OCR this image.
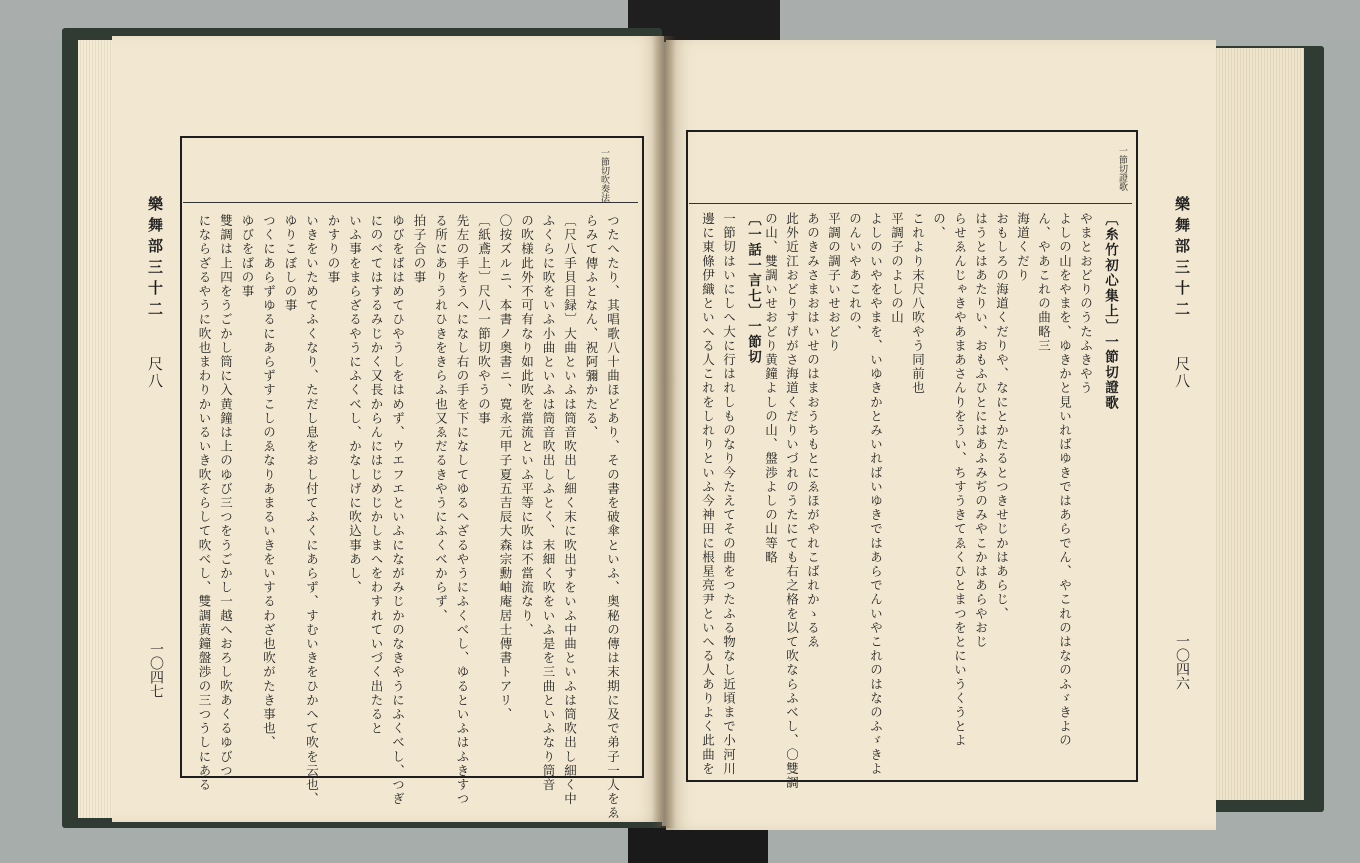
樂舞部三十二
尺八
一〇四七
一節切吹奏法
つたへたり、其唱歌八十曲ほどあり、その書を破傘といふ、奥秘の傳は末期に及で弟子一人をゑ
らみて傳ふとなん、祝阿彌かたる、
〔尺八手貝目録〕大曲といふは筒音吹出し細く末に吹出すをいふ中曲といふは筒吹出し細く中
ふくらに吹をいふ小曲といふは筒音吹出しふとく、末細く吹をいふ是を三曲といふなり筒音
の吹様此外不可有なり如此吹を當流といふ平等に吹は不當流なり、
〇按ズルニ、本書ノ奥書ニ、寛永元甲子夏五吉辰大森宗勳岫庵居士傳書トアリ、
〔紙鳶上〕尺八一節切吹やうの事
先左の手をうへになし右の手を下になしてゆるへざるやうにふくべし、ゆるといふはふきすつ
る所にありうれひきをきらふ也又ゑだるきやうにふくべからず、
拍子合の事
ゆびをばはめてひやうしをはめず、ウエフエといふにながみじかのなきやうにふくべし、つぎ
にのべてはするみじかく又長からんにはじめじかしまへをわすれていづく出たると
いふ事をまらざるやうにふくべし、かなしげに吹込事あし、
かすりの事
いきをいためてふくなり、ただし息をおし付てふくにあらず、すむいきをひかへて吹を云也、
ゆりこぼしの事
つくにあらずゆるにあらずすこしのゑなりあまるいきをいするわざ也吹がたき事也、
ゆびをばの事
雙調は上四をうごかし筒に入黄鐘は上のゆび三つをうごかし一越へおろし吹あくるゆびつ
にならざるやうに吹也まわりかいるいき吹そらして吹べし、雙調黄鐘盤渉の三つうしにある	樂舞部三十二
尺八
一〇四六
一節切證歌
〔糸竹初心集上〕一節切證歌
やまとおどりのうたふきやう
よしの山をやまを、ゆきかと見いればゆきではあらでん、やこれのはなのふゞきよの
ん、やあこれの曲略三
海道くだり
おもしろの海道くだりや、なにとかたるとつきせじかはあらじ、
はうとはあたりい、おもふひとにはあふみぢのみやこかはあらやおじ
らせゑんじゃきやあまあさんりをうい、ちすうきてゑくひとまつをとにいうくうとよ
の、
これより末尺八吹やう同前也
平調子のよしの山
よしのいやをやまを、いゆきかとみいればいゆきではあらでんいやこれのはなのふゞきよ
のんいやあこれの、
平調の調子いせおどり
あのきみさまおはいせのはまおうちもとにゑほがやれこばれかゝるゑ
此外近江おどりすげがさ海道くだりいづれのうたにても右之格を以て吹ならふべし、〇雙調
の山、雙調いせおどり黄鐘よしの山、盤渉よしの山等略
〔一話一言七〕一節切
一節切はいにしへ大に行はれしものなり今たえてその曲をつたふる物なし近頃まで小河川
邊に東條伊織といへる人これをしれりといふ今神田に根星亮尹といへる人ありよく此曲を
